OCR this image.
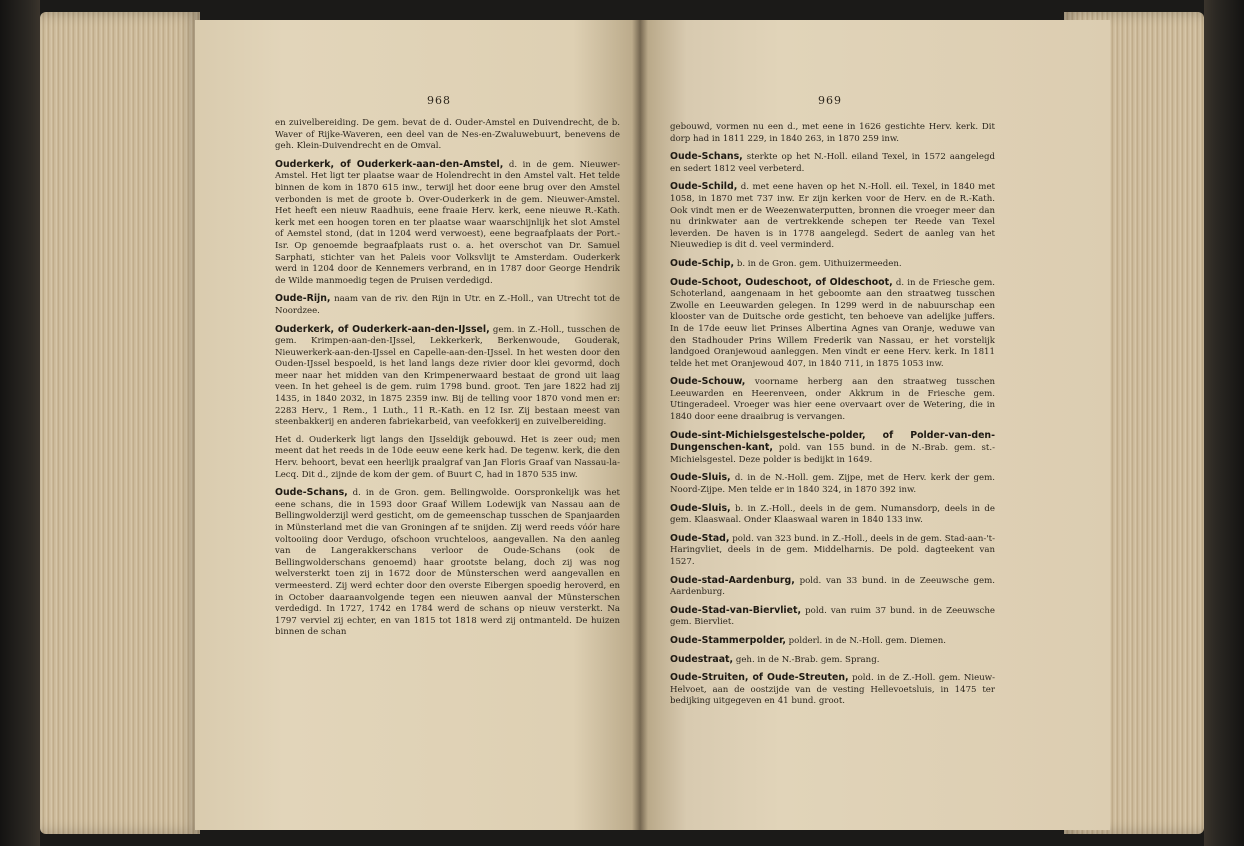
968

en zuivelbereiding. De gem. bevat de d. Ouder-Amstel en Duivendrecht, de b. Waver of Rijke-Waveren, een deel van de Nes-en-Zwaluwebuurt, benevens de geh. Klein-Duivendrecht en de Omval.

Ouderkerk, of Ouderkerk-aan-den-Amstel, d. in de gem. Nieuwer-Amstel. Het ligt ter plaatse waar de Holendrecht in den Amstel valt. Het telde binnen de kom in 1870 615 inw., terwijl het door eene brug over den Amstel verbonden is met de groote b. Over-Ouderkerk in de gem. Nieuwer-Amstel. Het heeft een nieuw Raadhuis, eene fraaie Herv. kerk, eene nieuwe R.-Kath. kerk met een hoogen toren en ter plaatse waar waarschijnlijk het slot Amstel of Aemstel stond, (dat in 1204 werd verwoest), eene begraafplaats der Port.-Isr. Op genoemde begraafplaats rust o. a. het overschot van Dr. Samuel Sarphati, stichter van het Paleis voor Volksvlijt te Amsterdam. Ouderkerk werd in 1204 door de Kennemers verbrand, en in 1787 door George Hendrik de Wilde manmoedig tegen de Pruisen verdedigd.

Oude-Rijn, naam van de riv. den Rijn in Utr. en Z.-Holl., van Utrecht tot de Noordzee.

Ouderkerk, of Ouderkerk-aan-den-IJssel, gem. in Z.-Holl., tusschen de gem. Krimpen-aan-den-IJssel, Lekkerkerk, Berkenwoude, Gouderak, Nieuwerkerk-aan-den-IJssel en Capelle-aan-den-IJssel. In het westen door den Ouden-IJssel bespoeld, is het land langs deze rivier door klei gevormd, doch meer naar het midden van den Krimpenerwaard bestaat de grond uit laag veen. In het geheel is de gem. ruim 1798 bund. groot. Ten jare 1822 had zij 1435, in 1840 2032, in 1875 2359 inw. Bij de telling voor 1870 vond men er: 2283 Herv., 1 Rem., 1 Luth., 11 R.-Kath. en 12 Isr. Zij bestaan meest van steenbakkerij en anderen fabriekarbeid, van veefokkerij en zuivelbereiding.

Het d. Ouderkerk ligt langs den IJsseldijk gebouwd. Het is zeer oud; men meent dat het reeds in de 10de eeuw eene kerk had. De tegenw. kerk, die den Herv. behoort, bevat een heerlijk praalgraf van Jan Floris Graaf van Nassau-la-Lecq. Dit d., zijnde de kom der gem. of Buurt C, had in 1870 535 inw.

Oude-Schans, d. in de Gron. gem. Bellingwolde. Oorspronkelijk was het eene schans, die in 1593 door Graaf Willem Lodewijk van Nassau aan de Bellingwolderzijl werd gesticht, om de gemeenschap tusschen de Spanjaarden in Münsterland met die van Groningen af te snijden. Zij werd reeds vóór hare voltooiing door Verdugo, ofschoon vruchteloos, aangevallen. Na den aanleg van de Langerakkerschans verloor de Oude-Schans (ook de Bellingwolderschans genoemd) haar grootste belang, doch zij was nog welversterkt toen zij in 1672 door de Münsterschen werd aangevallen en vermeesterd. Zij werd echter door den overste Eibergen spoedig heroverd, en in October daaraanvolgende tegen een nieuwen aanval der Münsterschen verdedigd. In 1727, 1742 en 1784 werd de schans op nieuw versterkt. Na 1797 verviel zij echter, en van 1815 tot 1818 werd zij ontmanteld. De huizen binnen de schan

969

gebouwd, vormen nu een d., met eene in 1626 gestichte Herv. kerk. Dit dorp had in 1811 229, in 1840 263, in 1870 259 inw.

Oude-Schans, sterkte op het N.-Holl. eiland Texel, in 1572 aangelegd en sedert 1812 veel verbeterd.

Oude-Schild, d. met eene haven op het N.-Holl. eil. Texel, in 1840 met 1058, in 1870 met 737 inw. Er zijn kerken voor de Herv. en de R.-Kath. Ook vindt men er de Weezenwaterputten, bronnen die vroeger meer dan nu drinkwater aan de vertrekkende schepen ter Reede van Texel leverden. De haven is in 1778 aangelegd. Sedert de aanleg van het Nieuwediep is dit d. veel verminderd.

Oude-Schip, b. in de Gron. gem. Uithuizermeeden.

Oude-Schoot, Oudeschoot, of Oldeschoot, d. in de Friesche gem. Schoterland, aangenaam in het geboomte aan den straatweg tusschen Zwolle en Leeuwarden gelegen. In 1299 werd in de nabuurschap een klooster van de Duitsche orde gesticht, ten behoeve van adelijke juffers. In de 17de eeuw liet Prinses Albertina Agnes van Oranje, weduwe van den Stadhouder Prins Willem Frederik van Nassau, er het vorstelijk landgoed Oranjewoud aanleggen. Men vindt er eene Herv. kerk. In 1811 telde het met Oranjewoud 407, in 1840 711, in 1875 1053 inw.

Oude-Schouw, voorname herberg aan den straatweg tusschen Leeuwarden en Heerenveen, onder Akkrum in de Friesche gem. Utingeradeel. Vroeger was hier eene overvaart over de Wetering, die in 1840 door eene draaibrug is vervangen.

Oude-sint-Michielsgestelsche-polder, of Polder-van-den-Dungenschen-kant, pold. van 155 bund. in de N.-Brab. gem. st.-Michielsgestel. Deze polder is bedijkt in 1649.

Oude-Sluis, d. in de N.-Holl. gem. Zijpe, met de Herv. kerk der gem. Noord-Zijpe. Men telde er in 1840 324, in 1870 392 inw.

Oude-Sluis, b. in Z.-Holl., deels in de gem. Numansdorp, deels in de gem. Klaaswaal. Onder Klaaswaal waren in 1840 133 inw.

Oude-Stad, pold. van 323 bund. in Z.-Holl., deels in de gem. Stad-aan-'t-Haringvliet, deels in de gem. Middelharnis. De pold. dagteekent van 1527.

Oude-stad-Aardenburg, pold. van 33 bund. in de Zeeuwsche gem. Aardenburg.

Oude-Stad-van-Biervliet, pold. van ruim 37 bund. in de Zeeuwsche gem. Biervliet.

Oude-Stammerpolder, polderl. in de N.-Holl. gem. Diemen.

Oudestraat, geh. in de N.-Brab. gem. Sprang.

Oude-Struiten, of Oude-Streuten, pold. in de Z.-Holl. gem. Nieuw-Helvoet, aan de oostzijde van de vesting Hellevoetsluis, in 1475 ter bedijking uitgegeven en 41 bund. groot.
